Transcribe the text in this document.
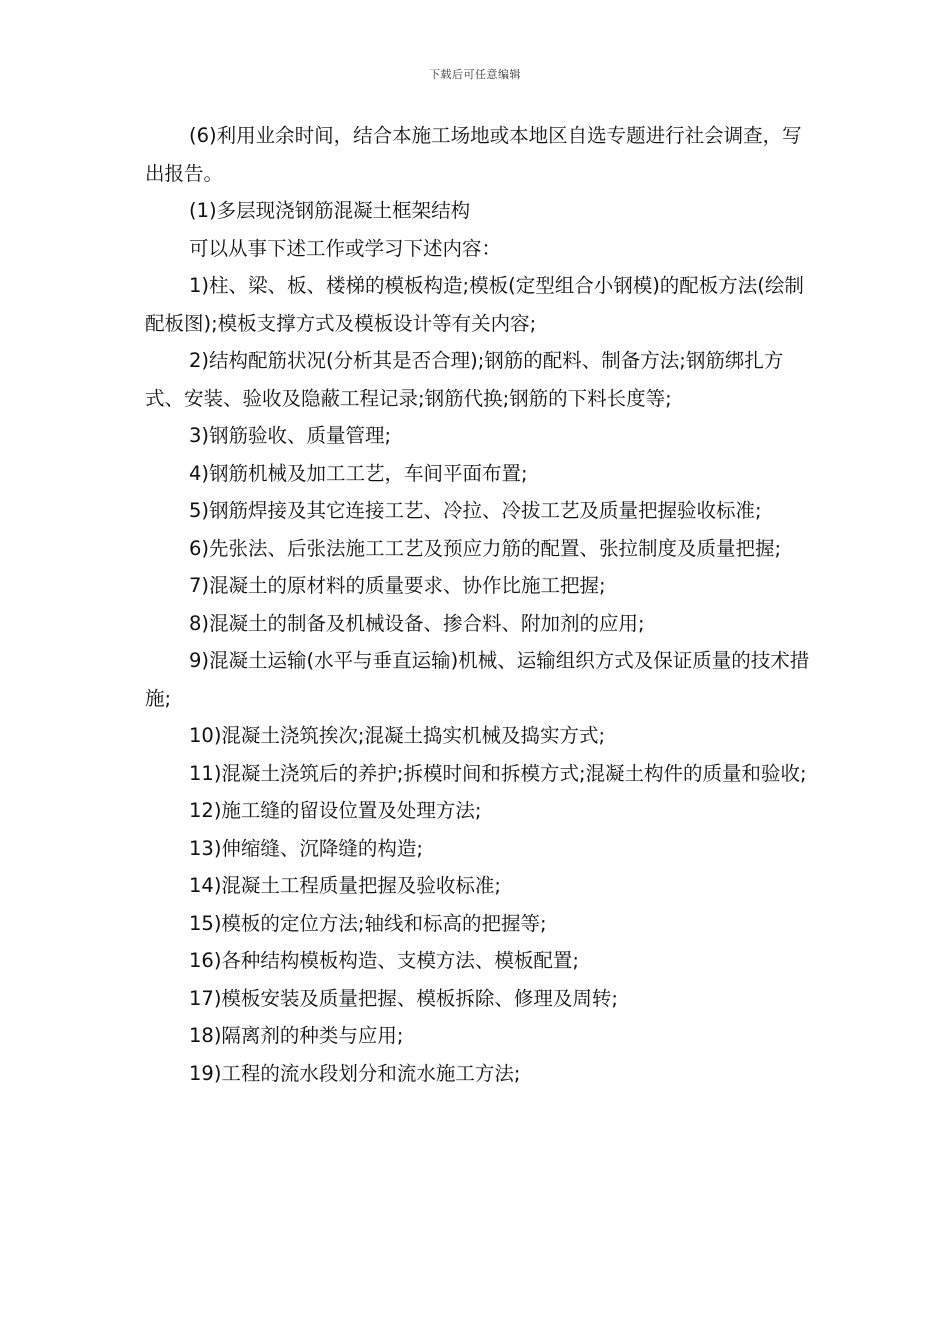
下载后可任意编辑

(6)利用业余时间，结合本施工场地或本地区自选专题进行社会调查，写出报告。

(1)多层现浇钢筋混凝土框架结构

可以从事下述工作或学习下述内容：

1)柱、梁、板、楼梯的模板构造;模板(定型组合小钢模)的配板方法(绘制配板图);模板支撑方式及模板设计等有关内容;

2)结构配筋状况(分析其是否合理);钢筋的配料、制备方法;钢筋绑扎方式、安装、验收及隐蔽工程记录;钢筋代换;钢筋的下料长度等;

3)钢筋验收、质量管理;

4)钢筋机械及加工工艺，车间平面布置;

5)钢筋焊接及其它连接工艺、冷拉、冷拔工艺及质量把握验收标准;

6)先张法、后张法施工工艺及预应力筋的配置、张拉制度及质量把握;

7)混凝土的原材料的质量要求、协作比施工把握;

8)混凝土的制备及机械设备、掺合料、附加剂的应用;

9)混凝土运输(水平与垂直运输)机械、运输组织方式及保证质量的技术措施;

10)混凝土浇筑挨次;混凝土捣实机械及捣实方式;

11)混凝土浇筑后的养护;拆模时间和拆模方式;混凝土构件的质量和验收;

12)施工缝的留设位置及处理方法;

13)伸缩缝、沉降缝的构造;

14)混凝土工程质量把握及验收标准;

15)模板的定位方法;轴线和标高的把握等;

16)各种结构模板构造、支模方法、模板配置;

17)模板安装及质量把握、模板拆除、修理及周转;

18)隔离剂的种类与应用;

19)工程的流水段划分和流水施工方法;
